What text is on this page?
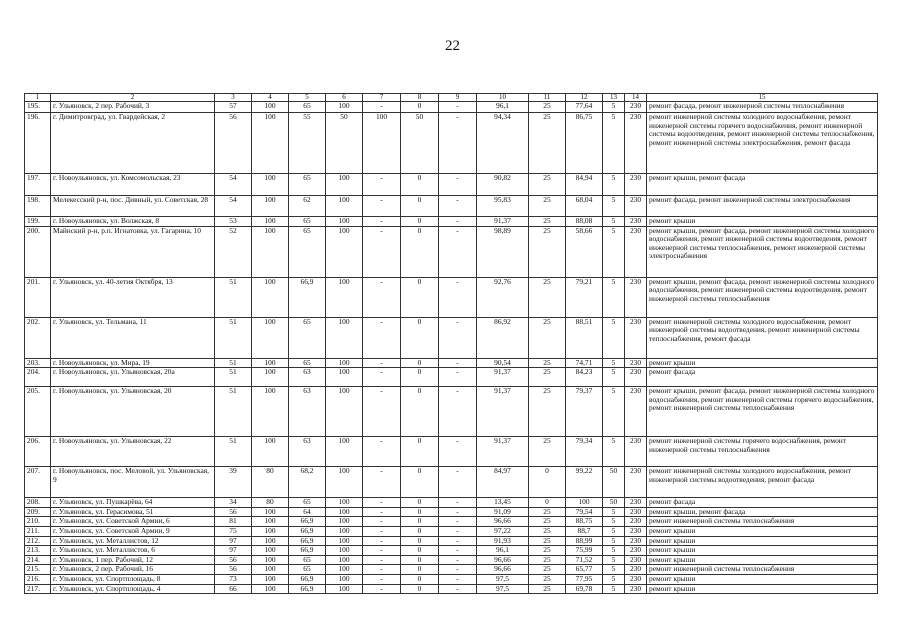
22
1	2	3	4	5	6	7	8	9	10	11	12	13	14	15
195.	г. Ульяновск, 2 пер. Рабочий, 3	57	100	65	100	-	0	-	96,1	25	77,64	5	230	ремонт фасада, ремонт инженерной системы теплоснабжения
196.	г. Димитровград, ул. Гвардейская, 2	56	100	55	50	100	50	-	94,34	25	86,75	5	230	ремонт инженерной системы холодного водоснабжения, ремонт инженерной системы горячего водоснабжения, ремонт инженерной системы водоотведения, ремонт инженерной системы теплоснабжения, ремонт инженерной системы электроснабжения, ремонт фасада
197.	г. Новоульяновск, ул. Комсомольская, 23	54	100	65	100	-	0	-	90,82	25	84,94	5	230	ремонт крыши, ремонт фасада
198.	Мелекесский р-н, пос. Дивный, ул. Советская, 28	54	100	62	100	-	0	-	95,83	25	68,04	5	230	ремонт фасада, ремонт инженерной системы электроснабжения
199.	г. Новоульяновск, ул. Волжская, 8	53	100	65	100	-	0	-	91,37	25	88,08	5	230	ремонт крыши
200.	Майнский р-н, р.п. Игнатовка, ул. Гагарина, 10	52	100	65	100	-	0	-	98,89	25	58,66	5	230	ремонт крыши, ремонт фасада, ремонт инженерной системы холодного водоснабжения, ремонт инженерной системы водоотведения, ремонт инженерной системы теплоснабжения, ремонт инженерной системы электроснабжения
201.	г. Ульяновск, ул. 40-летия Октября, 13	51	100	66,9	100	-	0	-	92,76	25	79,21	5	230	ремонт крыши, ремонт фасада, ремонт инженерной системы холодного водоснабжения, ремонт инженерной системы водоотведения, ремонт инженерной системы теплоснабжения
202.	г. Ульяновск, ул. Тельмана, 11	51	100	65	100	-	0	-	86,92	25	88,51	5	230	ремонт инженерной системы холодного водоснабжения, ремонт инженерной системы водоотведения, ремонт инженерной системы теплоснабжения, ремонт фасада
203.	г. Новоульяновск, ул. Мира, 19	51	100	65	100	-	0	-	90,54	25	74,71	5	230	ремонт крыши
204.	г. Новоульяновск, ул. Ульяновская, 20а	51	100	63	100	-	0	-	91,37	25	84,23	5	230	ремонт фасада
205.	г. Новоульяновск, ул. Ульяновская, 20	51	100	63	100	-	0	-	91,37	25	79,37	5	230	ремонт крыши, ремонт фасада, ремонт инженерной системы холодного водоснабжения, ремонт инженерной системы горячего водоснабжения, ремонт инженерной системы теплоснабжения
206.	г. Новоульяновск, ул. Ульяновская, 22	51	100	63	100	-	0	-	91,37	25	79,34	5	230	ремонт инженерной системы горячего водоснабжения, ремонт инженерной системы теплоснабжения
207.	г. Новоульяновск, пос. Меловой, ул. Ульяновская, 9	39	80	68,2	100	-	0	-	84,97	0	99,22	50	230	ремонт инженерной системы холодного водоснабжения, ремонт инженерной системы водоотведения, ремонт фасада
208.	г. Ульяновск, ул. Пушкарёва, 64	34	80	65	100	-	0	-	13,45	0	100	50	230	ремонт фасада
209.	г. Ульяновск, ул. Герасимова, 51	56	100	64	100	-	0	-	91,09	25	79,54	5	230	ремонт крыши, ремонт фасада
210.	г. Ульяновск, ул. Советской Армии, 6	81	100	66,9	100	-	0	-	96,66	25	88,75	5	230	ремонт инженерной системы теплоснабжения
211.	г. Ульяновск, ул. Советской Армии, 9	75	100	66,9	100	-	0	-	97,22	25	88,7	5	230	ремонт крыши
212.	г. Ульяновск, ул. Металлистов, 12	97	100	66,9	100	-	0	-	91,93	25	88,99	5	230	ремонт крыши
213.	г. Ульяновск, ул. Металлистов, 6	97	100	66,9	100	-	0	-	96,1	25	75,99	5	230	ремонт крыши
214.	г. Ульяновск, 1 пер. Рабочий, 12	56	100	65	100	-	0	-	96,66	25	71,52	5	230	ремонт крыши
215.	г. Ульяновск, 2 пер. Рабочий, 16	56	100	65	100	-	0	-	96,66	25	65,77	5	230	ремонт инженерной системы теплоснабжения
216.	г. Ульяновск, ул. Спортплощадь, 8	73	100	66,9	100	-	0	-	97,5	25	77,95	5	230	ремонт крыши
217.	г. Ульяновск, ул. Спортплощадь, 4	66	100	66,9	100	-	0	-	97,5	25	69,78	5	230	ремонт крыши
